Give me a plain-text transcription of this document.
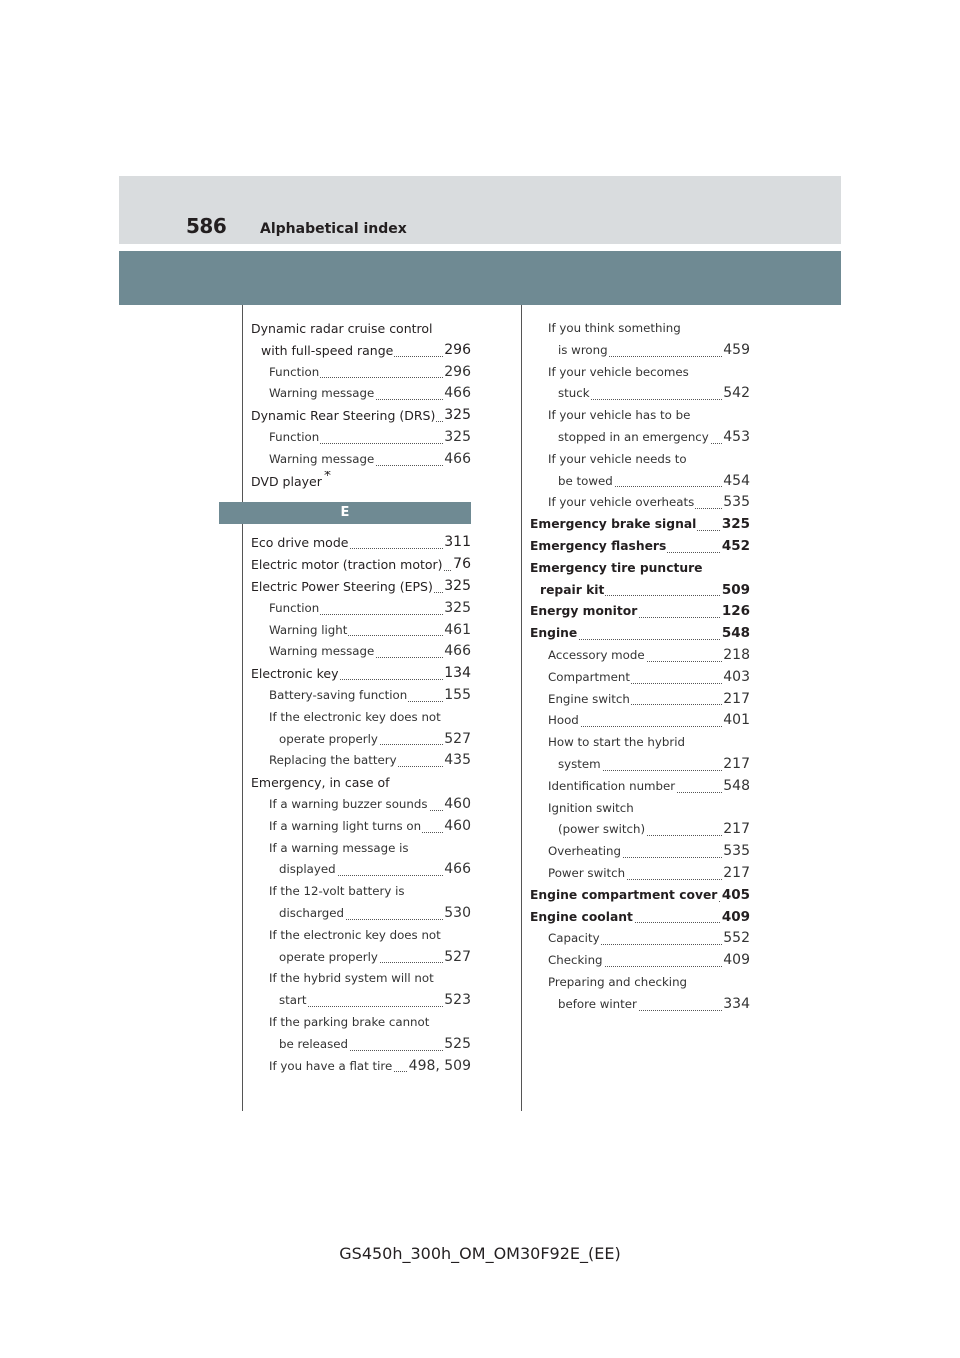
586 Alphabetical index
Dynamic radar cruise control
with full-speed range	296
Function	296
Warning message	466
Dynamic Rear Steering (DRS) 325
Function	325
Warning message	466
DVD player *
E
Eco drive mode	311
Electric motor (traction motor) 76
Electric Power Steering (EPS) 325
Function	325
Warning light	461
Warning message	466
Electronic key	134
Battery-saving function	155
If the electronic key does not
operate properly	527
Replacing the battery	435
Emergency, in case of
If a warning buzzer sounds 460
If a warning light turns on 460
If a warning message is
displayed	466
If the 12-volt battery is
discharged	530
If the electronic key does not
operate properly	527
If the hybrid system will not
start	523
If the parking brake cannot
be released	525
If you have a flat tire 498, 509
If you think something
is wrong	459
If your vehicle becomes
stuck	542
If your vehicle has to be
stopped in an emergency 453
If your vehicle needs to
be towed	454
If your vehicle overheats 535
Emergency brake signal 325
Emergency flashers	452
Emergency tire puncture
repair kit	509
Energy monitor	126
Engine	548
Accessory mode	218
Compartment	403
Engine switch	217
Hood	401
How to start the hybrid
system	217
Identification number	548
Ignition switch
(power switch)	217
Overheating	535
Power switch	217
Engine compartment cover 405
Engine coolant	409
Capacity	552
Checking	409
Preparing and checking
before winter	334
GS450h_300h_OM_OM30F92E_(EE)
